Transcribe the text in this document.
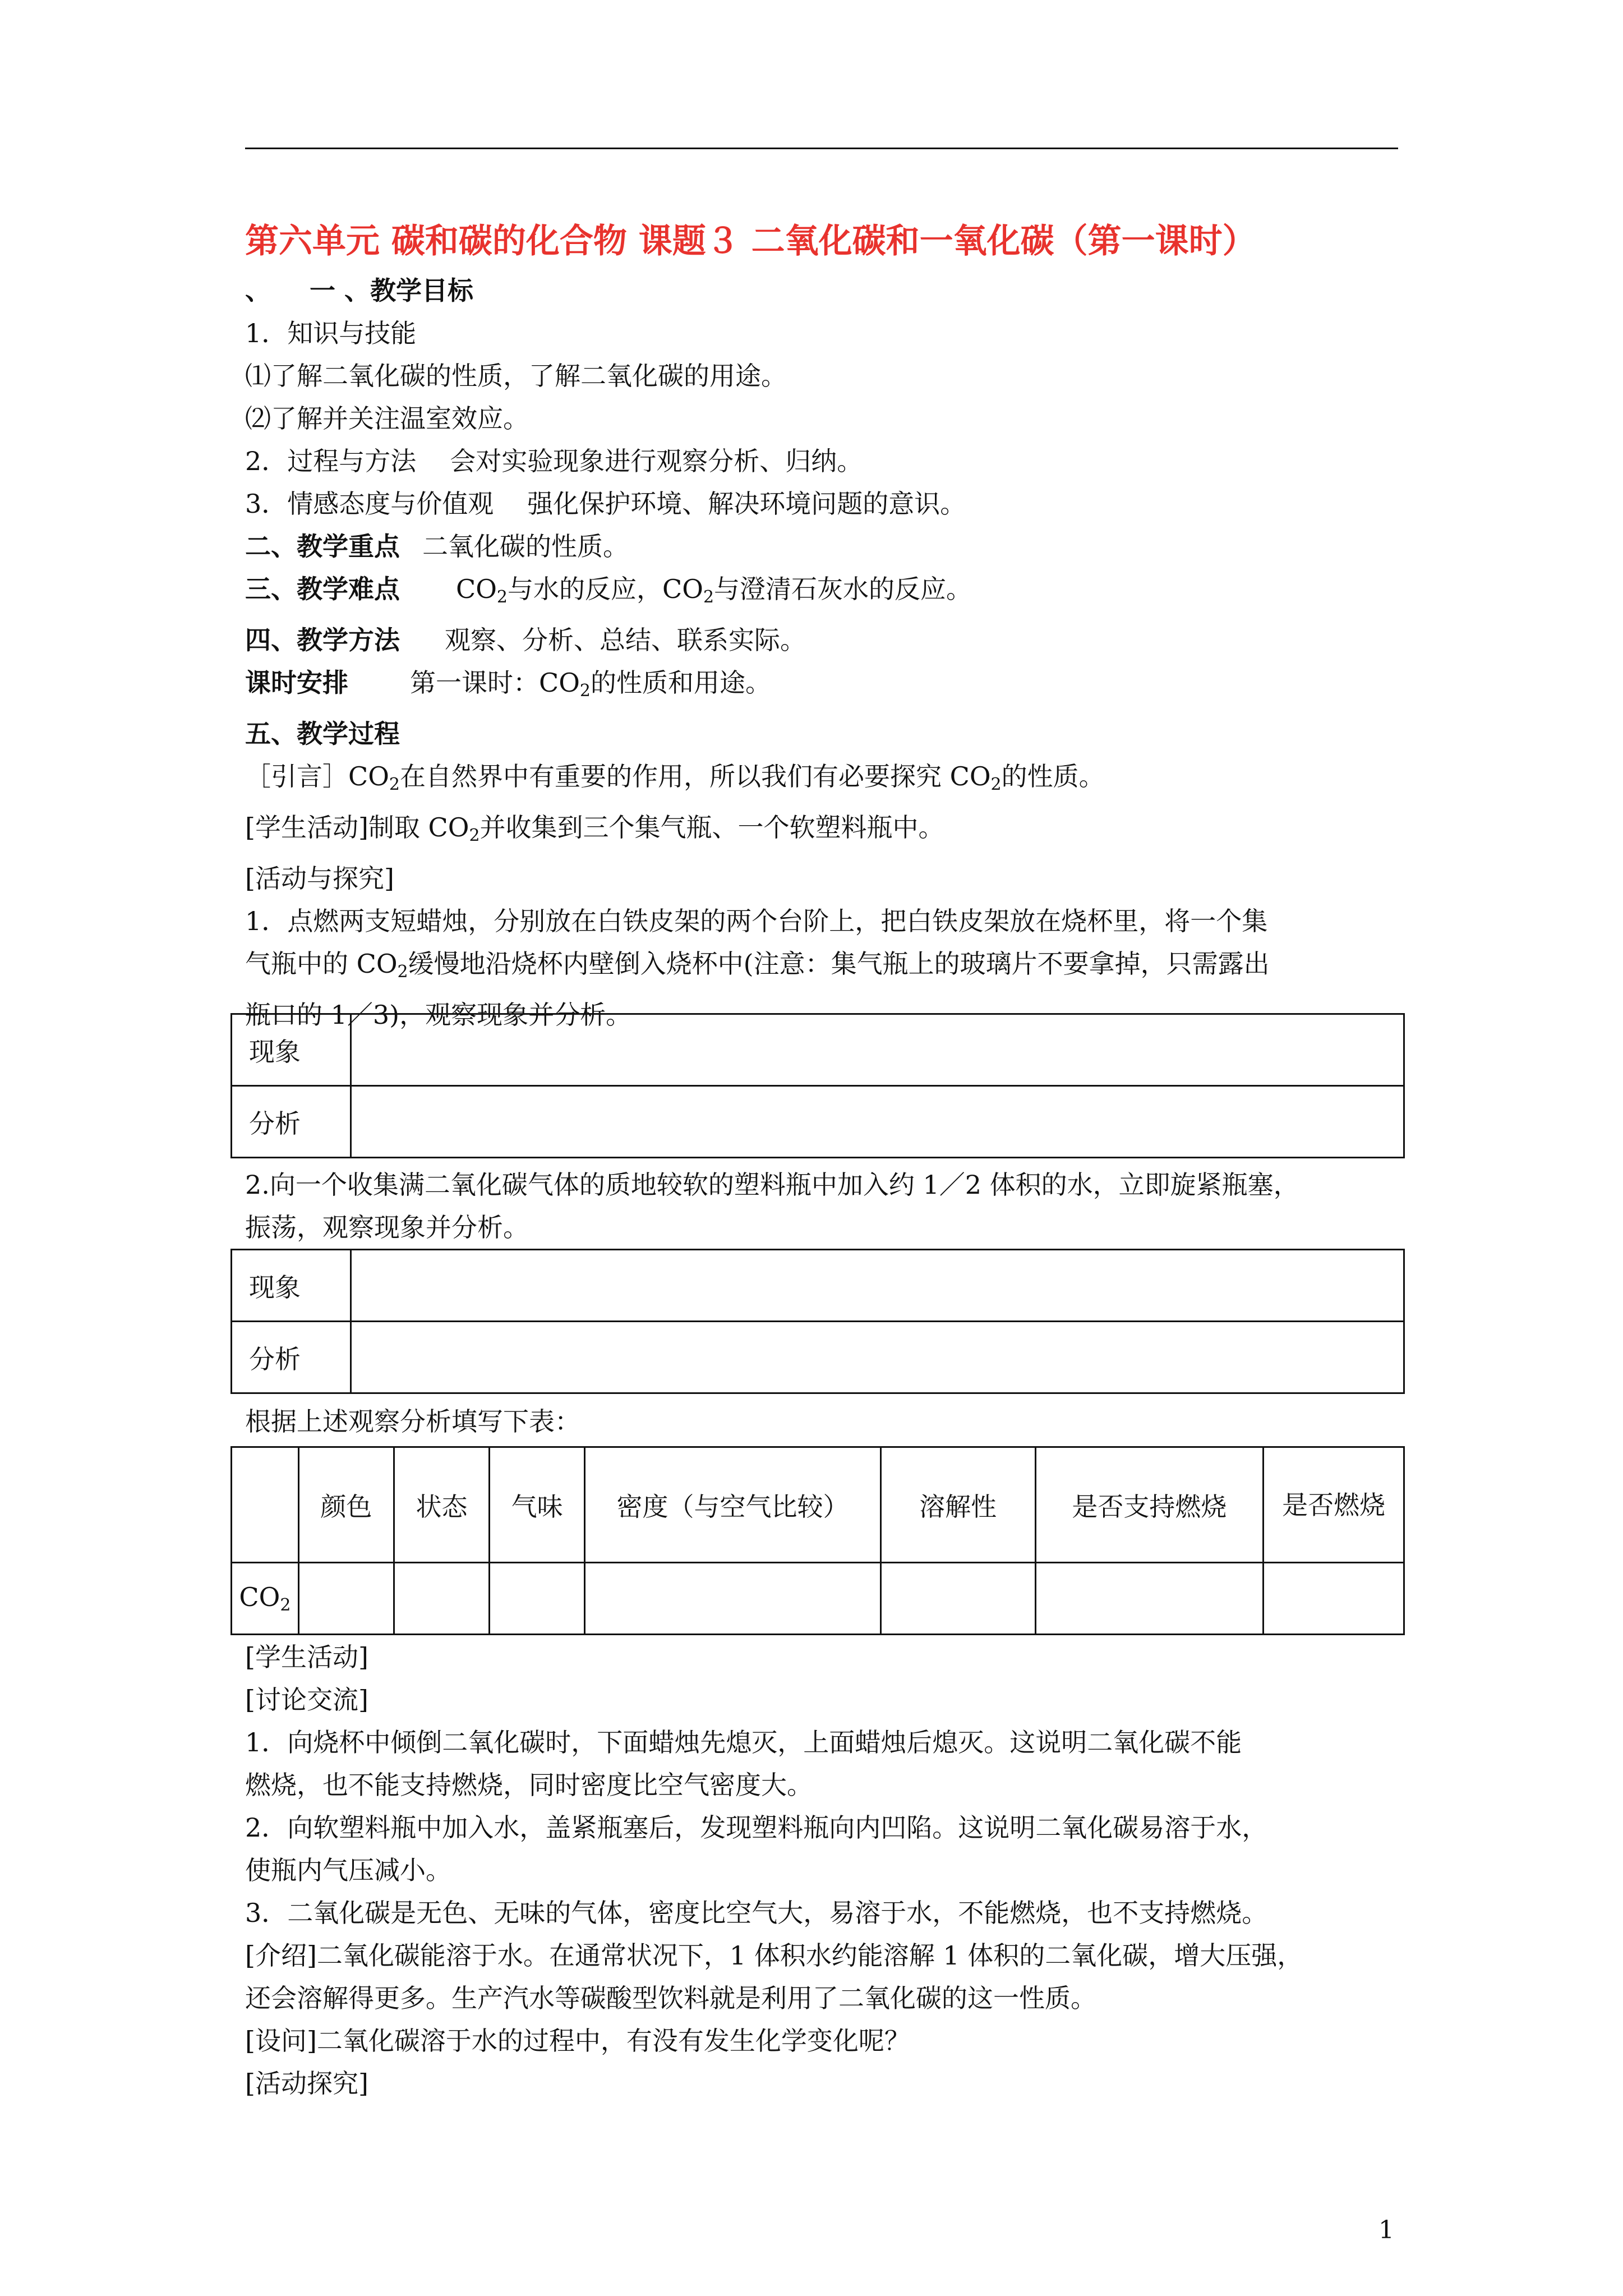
第六单元 碳和碳的化合物 课题３ 二氧化碳和一氧化碳（第一课时）
、　　一 、教学目标
1．知识与技能
⑴了解二氧化碳的性质，了解二氧化碳的用途。
⑵了解并关注温室效应。
2．过程与方法 会对实验现象进行观察分析、归纳。
3．情感态度与价值观 强化保护环境、解决环境问题的意识。
二、教学重点 二氧化碳的性质。
三、教学难点 $CO_2$与水的反应，$CO_2$与澄清石灰水的反应。
四、教学方法 观察、分析、总结、联系实际。
课时安排 第一课时：$CO_2$的性质和用途。
五、教学过程
［引言$]CO_2$在自然界中有重要的作用，所以我们有必要探究 $CO_2$的性质。
[学生活动]制取 $CO_2$并收集到三个集气瓶、一个软塑料瓶中。
[活动与探究]
1．点燃两支短蜡烛，分别放在白铁皮架的两个台阶上，把白铁皮架放在烧杯里，将一个集
气瓶中的 $CO_2$缓慢地沿烧杯内壁倒入烧杯中(注意：集气瓶上的玻璃片不要拿掉，只需露出
瓶口的 1／3)，观察现象并分析。
现象	
分析	
2.向一个收集满二氧化碳气体的质地较软的塑料瓶中加入约 1／2 体积的水，立即旋紧瓶塞，
振荡，观察现象并分析。
现象	
分析	
根据上述观察分析填写下表：
	颜色	状态	气味	密度（与空气比较）	溶解性	是否支持燃烧	是否燃烧
$CO_2$							
[学生活动]
[讨论交流]
1．向烧杯中倾倒二氧化碳时，下面蜡烛先熄灭，上面蜡烛后熄灭。这说明二氧化碳不能
燃烧，也不能支持燃烧，同时密度比空气密度大。
2．向软塑料瓶中加入水，盖紧瓶塞后，发现塑料瓶向内凹陷。这说明二氧化碳易溶于水，
使瓶内气压减小。
3．二氧化碳是无色、无味的气体，密度比空气大，易溶于水，不能燃烧，也不支持燃烧。
[介绍]二氧化碳能溶于水。在通常状况下，1 体积水约能溶解 1 体积的二氧化碳，增大压强，
还会溶解得更多。生产汽水等碳酸型饮料就是利用了二氧化碳的这一性质。
[设问]二氧化碳溶于水的过程中，有没有发生化学变化呢？
[活动探究]
1
